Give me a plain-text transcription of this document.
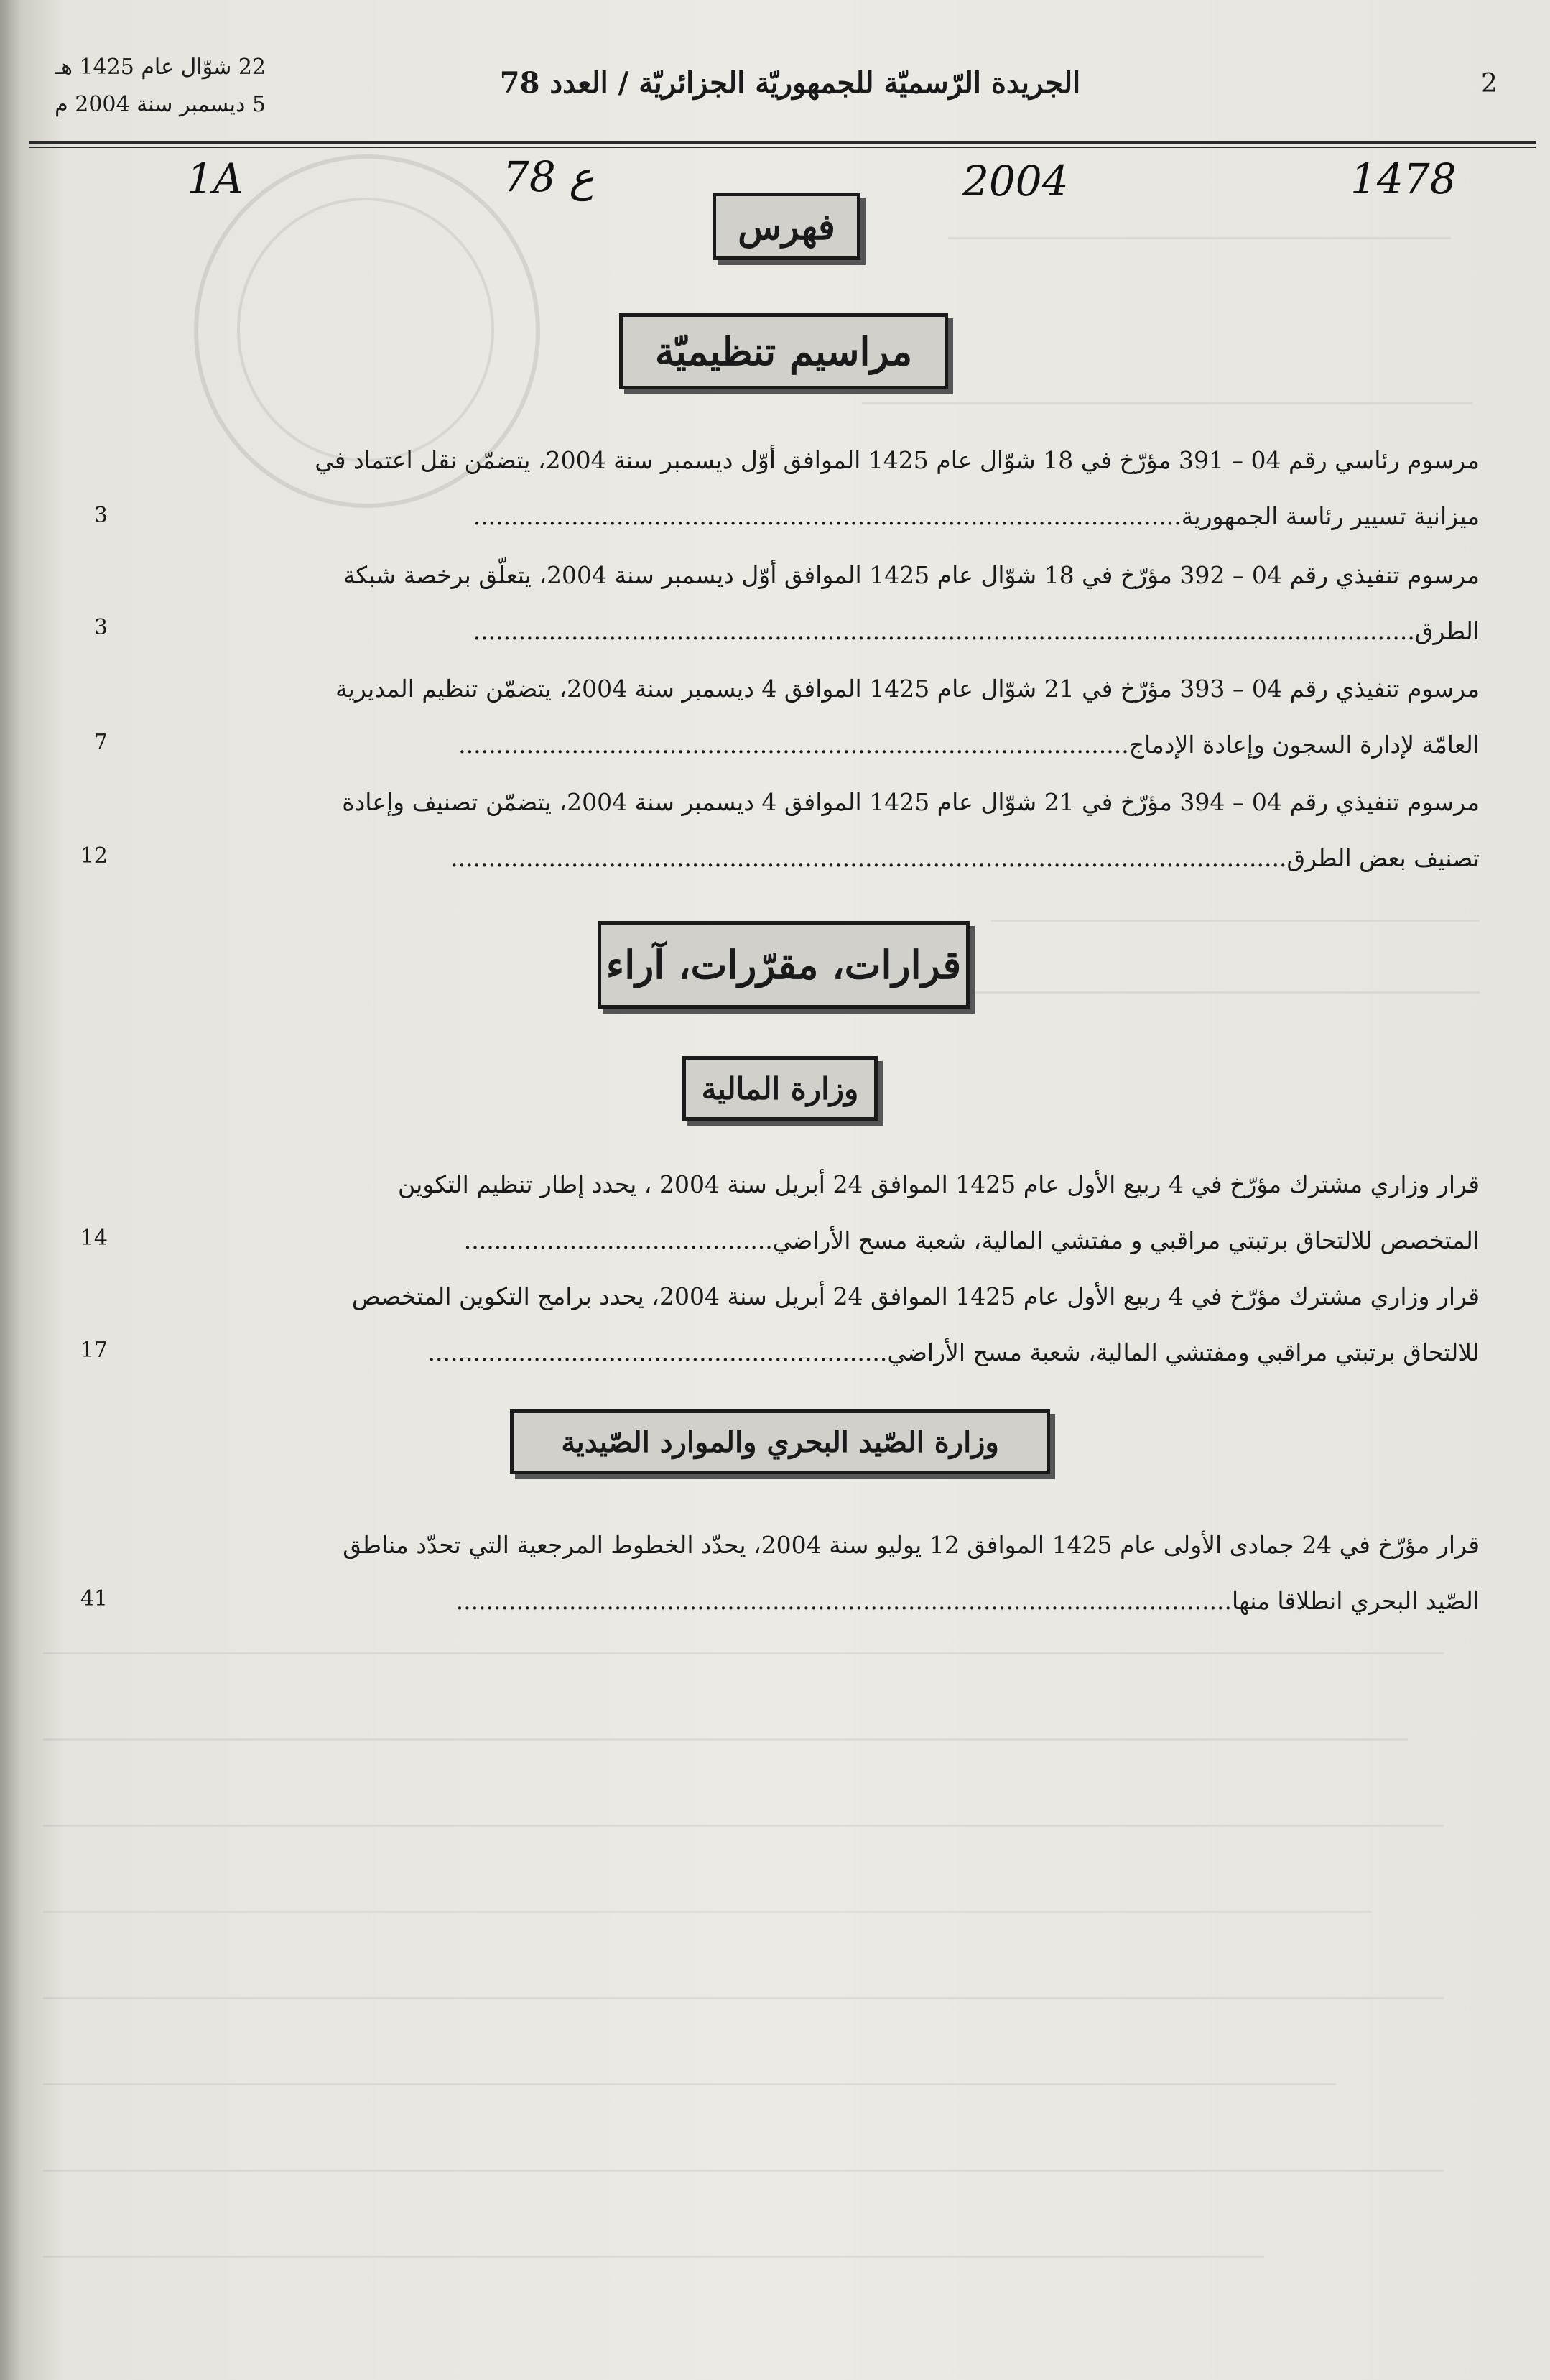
2
الجريدة الرّسميّة للجمهوريّة الجزائريّة / العدد 78
22 شوّال عام 1425 هـ
5 ديسمبر سنة 2004 م
1478
2004
78 ع
1A
فهرس
مراسيم تنظيميّة
مرسوم رئاسي رقم 04 – 391 مؤرّخ في 18 شوّال عام 1425 الموافق أوّل ديسمبر سنة 2004، يتضمّن نقل اعتماد في
ميزانية تسيير رئاسة الجمهورية..............................................................................................
3
مرسوم تنفيذي رقم 04 – 392 مؤرّخ في 18 شوّال عام 1425 الموافق أوّل ديسمبر سنة 2004، يتعلّق برخصة شبكة
الطرق.............................................................................................................................
3
مرسوم تنفيذي رقم 04 – 393 مؤرّخ في 21 شوّال عام 1425 الموافق 4 ديسمبر سنة 2004، يتضمّن تنظيم المديرية
العامّة لإدارة السجون وإعادة الإدماج.........................................................................................
7
مرسوم تنفيذي رقم 04 – 394 مؤرّخ في 21 شوّال عام 1425 الموافق 4 ديسمبر سنة 2004، يتضمّن تصنيف وإعادة
تصنيف بعض الطرق...............................................................................................................
12
قرارات، مقرّرات، آراء
وزارة المالية
قرار وزاري مشترك مؤرّخ في 4 ربيع الأول عام 1425 الموافق 24 أبريل سنة 2004 ، يحدد إطار تنظيم التكوين
المتخصص للالتحاق برتبتي مراقبي و مفتشي المالية، شعبة مسح الأراضي.........................................
14
قرار وزاري مشترك مؤرّخ في 4 ربيع الأول عام 1425 الموافق 24 أبريل سنة 2004، يحدد برامج التكوين المتخصص
للالتحاق برتبتي مراقبي ومفتشي المالية، شعبة مسح الأراضي.............................................................
17
وزارة الصّيد البحري والموارد الصّيدية
قرار مؤرّخ في 24 جمادى الأولى عام 1425 الموافق 12 يوليو سنة 2004، يحدّد الخطوط المرجعية التي تحدّد مناطق
الصّيد البحري انطلاقا منها.......................................................................................................
41
